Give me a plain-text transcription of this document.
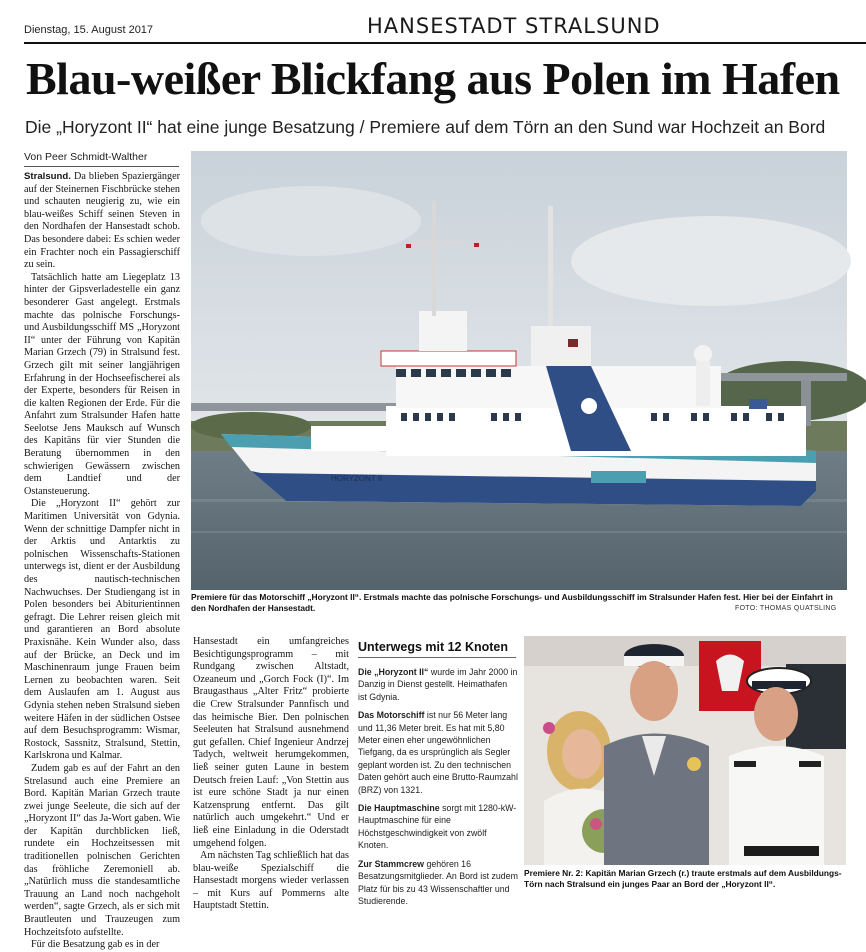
Dienstag, 15. August 2017	HANSESTADT STRALSUND
Blau-weißer Blickfang aus Polen im Hafen
Die „Horyzont II“ hat eine junge Besatzung / Premiere auf dem Törn an den Sund war Hochzeit an Bord
Von Peer Schmidt-Walther

Stralsund. Da blieben Spaziergänger auf der Steinernen Fischbrücke stehen und schauten neugierig zu, wie ein blau-weißes Schiff seinen Steven in den Nordhafen der Hansestadt schob. Das besondere dabei: Es schien weder ein Frachter noch ein Passagierschiff zu sein.

Tatsächlich hatte am Liegeplatz 13 hinter der Gipsverladestelle ein ganz besonderer Gast angelegt. Erstmals machte das polnische Forschungs- und Ausbildungsschiff MS „Horyzont II“ unter der Führung von Kapitän Marian Grzech (79) in Stralsund fest. Grzech gilt mit seiner langjährigen Erfahrung in der Hochseefischerei als der Experte, besonders für Reisen in die kalten Regionen der Erde. Für die Anfahrt zum Stralsunder Hafen hatte Seelotse Jens Mauksch auf Wunsch des Kapitäns für vier Stunden die Beratung übernommen in den schwierigen Gewässern zwischen dem Landtief und der Ostansteuerung.

Die „Horyzont II“ gehört zur Maritimen Universität von Gdynia. Wenn der schnittige Dampfer nicht in der Arktis und Antarktis zu polnischen Wissenschafts-Stationen unterwegs ist, dient er der Ausbildung des nautisch-technischen Nachwuchses. Der Studiengang ist in Polen besonders bei Abiturientinnen gefragt. Die Lehrer reisen gleich mit und garantieren an Bord absolute Praxisnähe. Kein Wunder also, dass auf der Brücke, an Deck und im Maschinenraum junge Frauen beim Lernen zu beobachten waren. Seit dem Auslaufen am 1. August aus Gdynia stehen neben Stralsund sieben weitere Häfen in der südlichen Ostsee auf dem Besuchsprogramm: Wismar, Rostock, Sassnitz, Stralsund, Stettin, Karlskrona und Kalmar.

Zudem gab es auf der Fahrt an den Strelasund auch eine Premiere an Bord. Kapitän Marian Grzech traute zwei junge Seeleute, die sich auf der „Horyzont II“ das Ja-Wort gaben. Wie der Kapitän durchblicken ließ, rundete ein Hochzeitsessen mit traditionellen polnischen Gerichten das fröhliche Zeremoniell ab. „Natürlich muss die standesamtliche Trauung an Land noch nachgeholt werden“, sagte Grzech, als er sich mit Brautleuten und Trauzeugen zum Hochzeitsfoto aufstellte.

Für die Besatzung gab es in der

HORYZONT II
Premiere für das Motorschiff „Horyzont II“. Erstmals machte das polnische Forschungs- und Ausbildungsschiff im Stralsunder Hafen fest. Hier bei der Einfahrt in den Nordhafen der Hansestadt.	FOTO: THOMAS QUATSLING

Hansestadt ein umfangreiches Besichtigungsprogramm – mit Rundgang zwischen Altstadt, Ozeaneum und „Gorch Fock (I)“. Im Braugasthaus „Alter Fritz“ probierte die Crew Stralsunder Pannfisch und das heimische Bier. Den polnischen Seeleuten hat Stralsund ausnehmend gut gefallen. Chief Ingenieur Andrzej Tadych, weltweit herumgekommen, ließ seiner guten Laune in bestem Deutsch freien Lauf: „Von Stettin aus ist eure schöne Stadt ja nur einen Katzensprung entfernt. Das gilt natürlich auch umgekehrt.“ Und er ließ eine Einladung in die Oderstadt umgehend folgen.

Am nächsten Tag schließlich hat das blau-weiße Spezialschiff die Hansestadt morgens wieder verlassen – mit Kurs auf Pommerns alte Hauptstadt Stettin.

Unterwegs mit 12 Knoten

Die „Horyzont II“ wurde im Jahr 2000 in Danzig in Dienst gestellt. Heimathafen ist Gdynia.

Das Motorschiff ist nur 56 Meter lang und 11,36 Meter breit. Es hat mit 5,80 Meter einen eher ungewöhnlichen Tiefgang, da es ursprünglich als Segler geplant worden ist. Zu den technischen Daten gehört auch eine Brutto-Raumzahl (BRZ) von 1321.

Die Hauptmaschine sorgt mit 1280-kW-Hauptmaschine für eine Höchstgeschwindigkeit von zwölf Knoten.

Zur Stammcrew gehören 16 Besatzungsmitglieder. An Bord ist zudem Platz für bis zu 43 Wissenschaftler und Studierende.

Premiere Nr. 2: Kapitän Marian Grzech (r.) traute erstmals auf dem Ausbildungs-Törn nach Stralsund ein junges Paar an Bord der „Horyzont II“.
